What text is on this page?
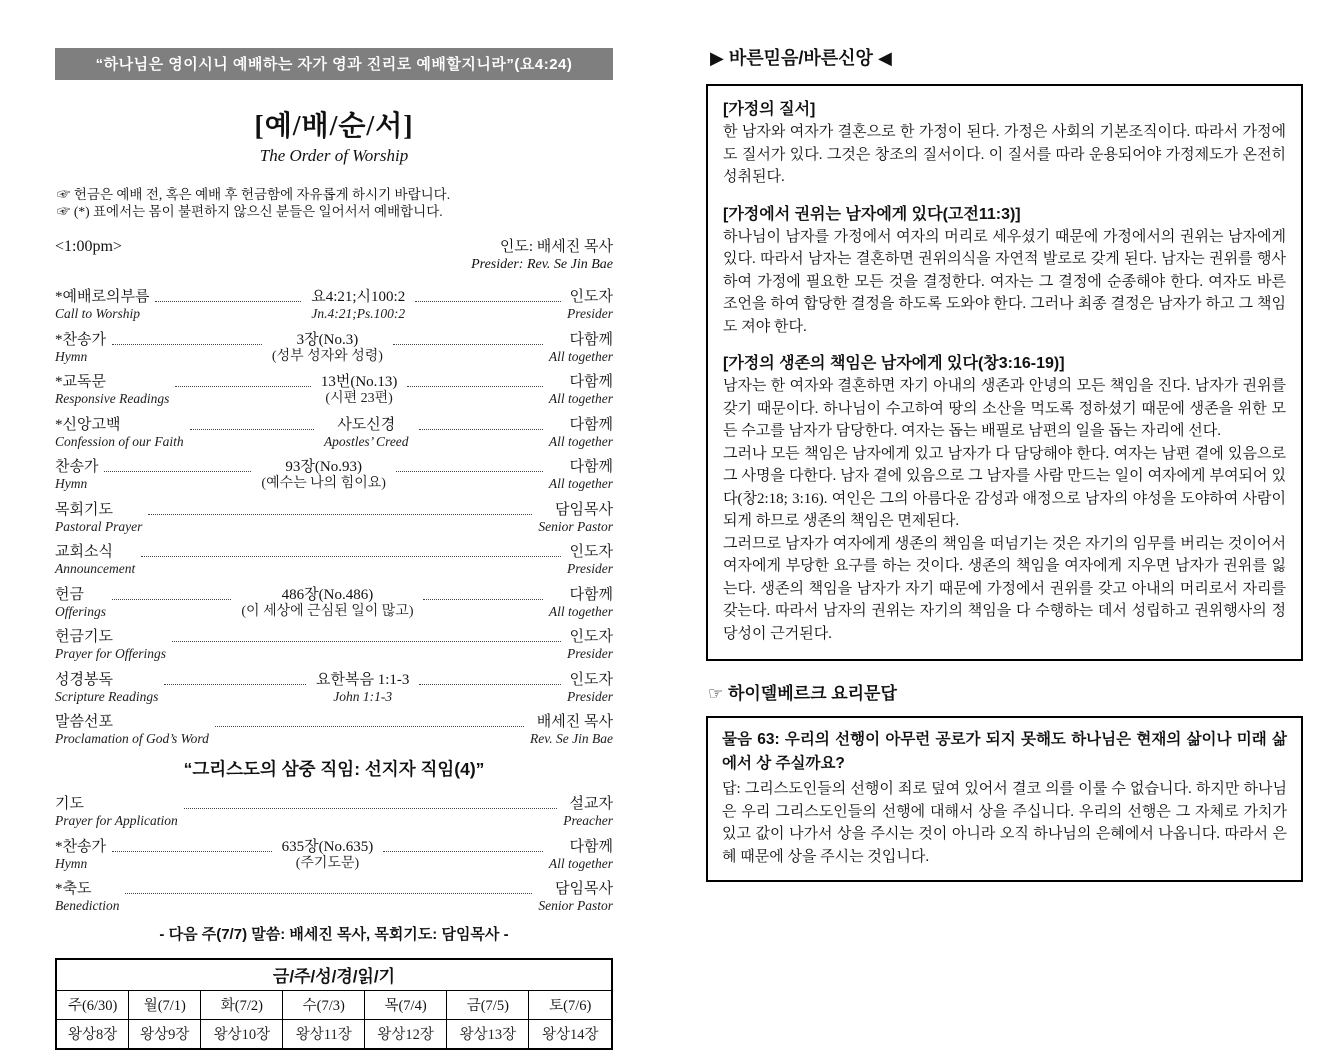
“하나님은 영이시니 예배하는 자가 영과 진리로 예배할지니라”(요4:24)
[예/배/순/서]
The Order of Worship
☞ 헌금은 예배 전, 혹은 예배 후 헌금함에 자유롭게 하시기 바랍니다.
☞ (*) 표에서는 몸이 불편하지 않으신 분들은 일어서서 예배합니다.
<1:00pm>	인도: 배세진 목사
Presider: Rev. Se Jin Bae
*예배로의부름	요4:21;시100:2	인도자
Call to Worship	Jn.4:21;Ps.100:2	Presider
*찬송가	3장(No.3)	다함께
Hymn	(성부 성자와 성령)	All together
*교독문	13번(No.13)	다함께
Responsive Readings	(시편 23편)	All together
*신앙고백	사도신경	다함께
Confession of our Faith	Apostles’ Creed	All together
찬송가	93장(No.93)	다함께
Hymn	(예수는 나의 힘이요)	All together
목회기도	담임목사
Pastoral Prayer	Senior Pastor
교회소식	인도자
Announcement	Presider
헌금	486장(No.486)	다함께
Offerings	(이 세상에 근심된 일이 많고)	All together
헌금기도	인도자
Prayer for Offerings	Presider
성경봉독	요한복음 1:1-3	인도자
Scripture Readings	John 1:1-3	Presider
말씀선포	배세진 목사
Proclamation of God’s Word	Rev. Se Jin Bae
“그리스도의 삼중 직임: 선지자 직임(4)”
기도	설교자
Prayer for Application	Preacher
*찬송가	635장(No.635)	다함께
Hymn	(주기도문)	All together
*축도	담임목사
Benediction	Senior Pastor
- 다음 주(7/7) 말씀: 배세진 목사, 목회기도: 담임목사 -
금/주/성/경/읽/기						
주(6/30)	월(7/1)	화(7/2)	수(7/3)	목(7/4)	금(7/5)	토(7/6)
왕상8장	왕상9장	왕상10장	왕상11장	왕상12장	왕상13장	왕상14장
▶ 바른믿음/바른신앙 ◀
[가정의 질서]
한 남자와 여자가 결혼으로 한 가정이 된다. 가정은 사회의 기본조직이다. 따라서 가정에도 질서가 있다. 그것은 창조의 질서이다. 이 질서를 따라 운용되어야 가정제도가 온전히 성취된다.
[가정에서 권위는 남자에게 있다(고전11:3)]
하나님이 남자를 가정에서 여자의 머리로 세우셨기 때문에 가정에서의 권위는 남자에게 있다. 따라서 남자는 결혼하면 권위의식을 자연적 발로로 갖게 된다. 남자는 권위를 행사하여 가정에 필요한 모든 것을 결정한다. 여자는 그 결정에 순종해야 한다. 여자도 바른 조언을 하여 합당한 결정을 하도록 도와야 한다. 그러나 최종 결정은 남자가 하고 그 책임도 져야 한다.
[가정의 생존의 책임은 남자에게 있다(창3:16-19)]
남자는 한 여자와 결혼하면 자기 아내의 생존과 안녕의 모든 책임을 진다. 남자가 권위를 갖기 때문이다. 하나님이 수고하여 땅의 소산을 먹도록 정하셨기 때문에 생존을 위한 모든 수고를 남자가 담당한다. 여자는 돕는 배필로 남편의 일을 돕는 자리에 선다.
그러나 모든 책임은 남자에게 있고 남자가 다 담당해야 한다. 여자는 남편 곁에 있음으로 그 사명을 다한다. 남자 곁에 있음으로 그 남자를 사람 만드는 일이 여자에게 부여되어 있다(창2:18; 3:16). 여인은 그의 아름다운 감성과 애정으로 남자의 야성을 도야하여 사람이 되게 하므로 생존의 책임은 면제된다.
그러므로 남자가 여자에게 생존의 책임을 떠넘기는 것은 자기의 임무를 버리는 것이어서 여자에게 부당한 요구를 하는 것이다. 생존의 책임을 여자에게 지우면 남자가 권위를 잃는다. 생존의 책임을 남자가 자기 때문에 가정에서 권위를 갖고 아내의 머리로서 자리를 갖는다. 따라서 남자의 권위는 자기의 책임을 다 수행하는 데서 성립하고 권위행사의 정당성이 근거된다.
☞ 하이델베르크 요리문답
물음 63: 우리의 선행이 아무런 공로가 되지 못해도 하나님은 현재의 삶이나 미래 삶에서 상 주실까요?
답: 그리스도인들의 선행이 죄로 덮여 있어서 결코 의를 이룰 수 없습니다. 하지만 하나님은 우리 그리스도인들의 선행에 대해서 상을 주십니다. 우리의 선행은 그 자체로 가치가 있고 값이 나가서 상을 주시는 것이 아니라 오직 하나님의 은혜에서 나옵니다. 따라서 은혜 때문에 상을 주시는 것입니다.
